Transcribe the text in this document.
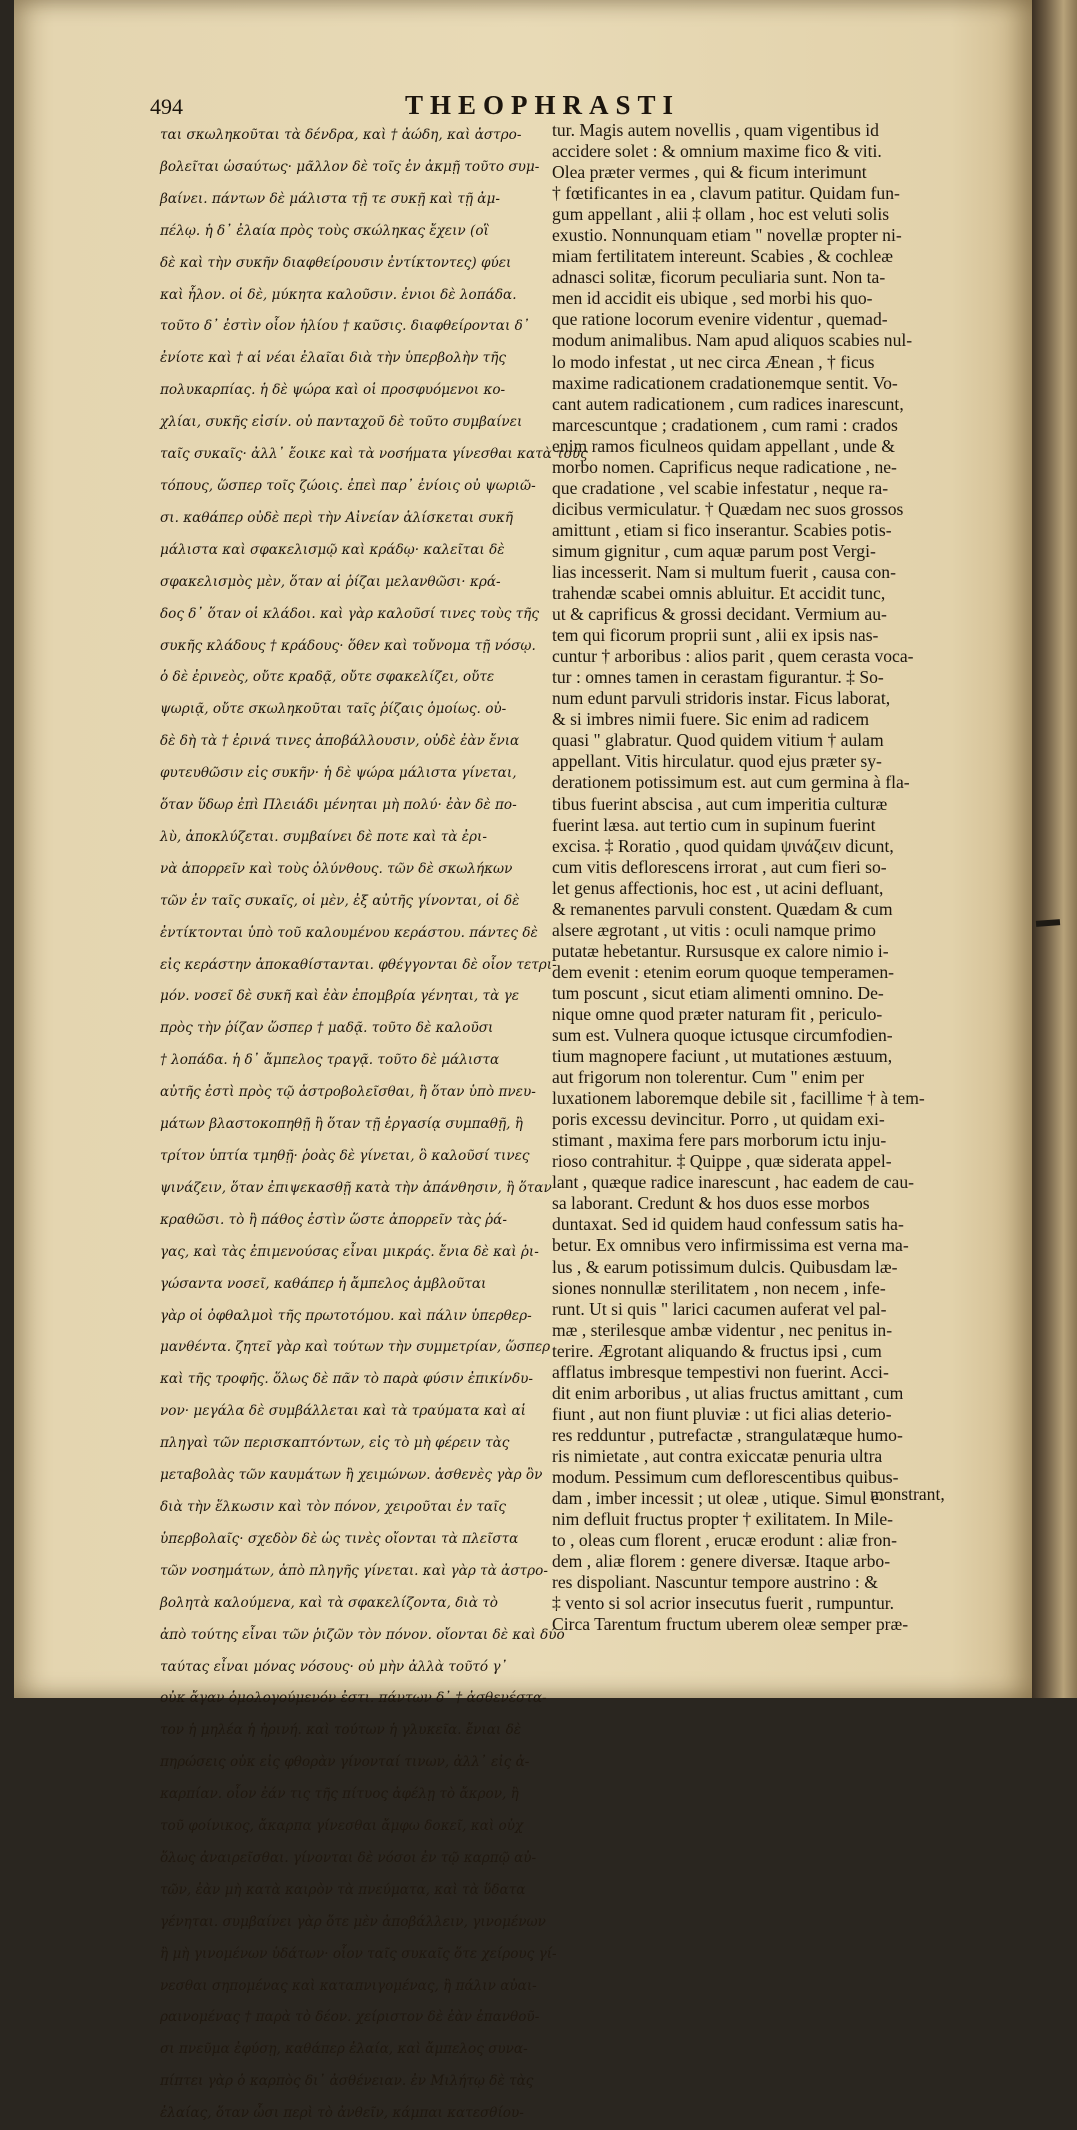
494	THEOPHRASTI
ται σκωληκοῦται τὰ δένδρα, καὶ † ἀώδη, καὶ ἀστρο-
βολεῖται ὡσαύτως· μᾶλλον δὲ τοῖς ἐν ἀκμῇ τοῦτο συμ-
βαίνει. πάντων δὲ μάλιστα τῇ τε συκῇ καὶ τῇ ἀμ-
πέλῳ. ἡ δ᾽ ἐλαία πρὸς τοὺς σκώληκας ἔχειν (οἳ
δὲ καὶ τὴν συκῆν διαφθείρουσιν ἐντίκτοντες) φύει
καὶ ἧλον. οἱ δὲ, μύκητα καλοῦσιν. ἐνιοι δὲ λοπάδα.
τοῦτο δ᾽ ἐστὶν οἷον ἡλίου † καῦσις. διαφθείρονται δ᾽
ἐνίοτε καὶ † αἱ νέαι ἐλαῖαι διὰ τὴν ὑπερβολὴν τῆς
πολυκαρπίας. ἡ δὲ ψώρα καὶ οἱ προσφυόμενοι κο-
χλίαι, συκῆς εἰσίν. οὐ πανταχοῦ δὲ τοῦτο συμβαίνει
ταῖς συκαῖς· ἀλλ᾽ ἔοικε καὶ τὰ νοσήματα γίνεσθαι κατὰ τοὺς
τόπους, ὥσπερ τοῖς ζώοις. ἐπεὶ παρ᾽ ἐνίοις οὐ ψωριῶ-
σι. καθάπερ οὐδὲ περὶ τὴν Αἰνείαν ἁλίσκεται συκῆ
μάλιστα καὶ σφακελισμῷ καὶ κράδῳ· καλεῖται δὲ
σφακελισμὸς μὲν, ὅταν αἱ ῥίζαι μελανθῶσι· κρά-
δος δ᾽ ὅταν οἱ κλάδοι. καὶ γὰρ καλοῦσί τινες τοὺς τῆς
συκῆς κλάδους † κράδους· ὅθεν καὶ τοὔνομα τῇ νόσῳ.
ὁ δὲ ἐρινεὸς, οὔτε κραδᾷ, οὔτε σφακελίζει, οὔτε
ψωριᾷ, οὔτε σκωληκοῦται ταῖς ῥίζαις ὁμοίως. οὐ-
δὲ δὴ τὰ † ἐρινά τινες ἀποβάλλουσιν, οὐδὲ ἐὰν ἔνια
φυτευθῶσιν εἰς συκῆν· ἡ δὲ ψώρα μάλιστα γίνεται,
ὅταν ὕδωρ ἐπὶ Πλειάδι μένηται μὴ πολύ· ἐὰν δὲ πο-
λὺ, ἀποκλύζεται. συμβαίνει δὲ ποτε καὶ τὰ ἐρι-
νὰ ἀπορρεῖν καὶ τοὺς ὀλύνθους. τῶν δὲ σκωλήκων
τῶν ἐν ταῖς συκαῖς, οἱ μὲν, ἐξ αὐτῆς γίνονται, οἱ δὲ
ἐντίκτονται ὑπὸ τοῦ καλουμένου κεράστου. πάντες δὲ
εἰς κεράστην ἀποκαθίστανται. φθέγγονται δὲ οἷον τετρι-
μόν. νοσεῖ δὲ συκῆ καὶ ἐὰν ἐπομβρία γένηται, τὰ γε
πρὸς τὴν ῥίζαν ὥσπερ † μαδᾷ. τοῦτο δὲ καλοῦσι
† λοπάδα. ἡ δ᾽ ἄμπελος τραγᾷ. τοῦτο δὲ μάλιστα
αὐτῆς ἐστὶ πρὸς τῷ ἀστροβολεῖσθαι, ἢ ὅταν ὑπὸ πνευ-
μάτων βλαστοκοπηθῇ ἢ ὅταν τῇ ἐργασίᾳ συμπαθῇ, ἢ
τρίτον ὑπτία τμηθῇ· ῥοὰς δὲ γίνεται, ὃ καλοῦσί τινες
ψινάζειν, ὅταν ἐπιψεκασθῇ κατὰ τὴν ἀπάνθησιν, ἢ ὅταν
κραθῶσι. τὸ ἢ πάθος ἐστὶν ὥστε ἀπορρεῖν τὰς ῥά-
γας, καὶ τὰς ἐπιμενούσας εἶναι μικράς. ἔνια δὲ καὶ ῥι-
γώσαντα νοσεῖ, καθάπερ ἡ ἄμπελος ἀμβλοῦται
γὰρ οἱ ὀφθαλμοὶ τῆς πρωτοτόμου. καὶ πάλιν ὑπερθερ-
μανθέντα. ζητεῖ γὰρ καὶ τούτων τὴν συμμετρίαν, ὥσπερ
καὶ τῆς τροφῆς. ὅλως δὲ πᾶν τὸ παρὰ φύσιν ἐπικίνδυ-
νον· μεγάλα δὲ συμβάλλεται καὶ τὰ τραύματα καὶ αἱ
πληγαὶ τῶν περισκαπτόντων, εἰς τὸ μὴ φέρειν τὰς
μεταβολὰς τῶν καυμάτων ἢ χειμώνων. ἀσθενὲς γὰρ ὂν
διὰ τὴν ἕλκωσιν καὶ τὸν πόνον, χειροῦται ἐν ταῖς
ὑπερβολαῖς· σχεδὸν δὲ ὡς τινὲς οἴονται τὰ πλεῖστα
τῶν νοσημάτων, ἀπὸ πληγῆς γίνεται. καὶ γὰρ τὰ ἀστρο-
βολητὰ καλούμενα, καὶ τὰ σφακελίζοντα, διὰ τὸ
ἀπὸ τούτης εἶναι τῶν ῥιζῶν τὸν πόνον. οἴονται δὲ καὶ δύο
ταύτας εἶναι μόνας νόσους· οὐ μὴν ἀλλὰ τοῦτό γ᾽
οὐκ ἄγαν ὁμολογούμενόν ἐστι. πάντων δ᾽ † ἀσθενέστα-
τον ἡ μηλέα ἡ ἠρινή. καὶ τούτων ἡ γλυκεῖα. ἔνιαι δὲ
πηρώσεις οὐκ εἰς φθορὰν γίνονταί τινων, ἀλλ᾽ εἰς ἀ-
καρπίαν. οἷον ἐάν τις τῆς πίτυος ἀφέλῃ τὸ ἄκρον, ἢ
τοῦ φοίνικος, ἄκαρπα γίνεσθαι ἄμφω δοκεῖ, καὶ οὐχ
ὅλως ἀναιρεῖσθαι. γίνονται δὲ νόσοι ἐν τῷ καρπῷ αὐ-
τῶν, ἐὰν μὴ κατὰ καιρὸν τὰ πνεύματα, καὶ τὰ ὕδατα
γένηται. συμβαίνει γὰρ ὅτε μὲν ἀποβάλλειν, γινομένων
ἢ μὴ γινομένων ὑδάτων· οἷον ταῖς συκαῖς ὅτε χείρους γί-
νεσθαι σηπομένας καὶ καταπνιγομένας, ἢ πάλιν αὐαι-
ραινομένας † παρὰ τὸ δέον. χείριστον δὲ ἐὰν ἐπανθοῦ-
σι πνεῦμα ἐφύσῃ, καθάπερ ἐλαία, καὶ ἄμπελος συνα-
πίπτει γὰρ ὁ καρπὸς δι᾽ ἀσθένειαν. ἐν Μιλήτῳ δὲ τὰς
ἐλαίας, ὅταν ὦσι περὶ τὸ ἀνθεῖν, κάμπαι κατεσθίου-
tur. Magis autem novellis , quam vigentibus id
accidere solet : & omnium maxime fico & viti.
Olea præter vermes , qui & ficum interimunt
† fœtificantes in ea , clavum patitur. Quidam fun-
gum appellant , alii ‡ ollam , hoc est veluti solis
exustio. Nonnunquam etiam " novellæ propter ni-
miam fertilitatem intereunt. Scabies , & cochleæ
adnasci solitæ, ficorum peculiaria sunt. Non ta-
men id accidit eis ubique , sed morbi his quo-
que ratione locorum evenire videntur , quemad-
modum animalibus. Nam apud aliquos scabies nul-
lo modo infestat , ut nec circa Ænean , † ficus
maxime radicationem cradationemque sentit. Vo-
cant autem radicationem , cum radices inarescunt,
marcescuntque ; cradationem , cum rami : crados
enim ramos ficulneos quidam appellant , unde &
morbo nomen. Caprificus neque radicatione , ne-
que cradatione , vel scabie infestatur , neque ra-
dicibus vermiculatur. † Quædam nec suos grossos
amittunt , etiam si fico inserantur. Scabies potis-
simum gignitur , cum aquæ parum post Vergi-
lias incesserit. Nam si multum fuerit , causa con-
trahendæ scabei omnis abluitur. Et accidit tunc,
ut & caprificus & grossi decidant. Vermium au-
tem qui ficorum proprii sunt , alii ex ipsis nas-
cuntur † arboribus : alios parit , quem cerasta voca-
tur : omnes tamen in cerastam figurantur. ‡ So-
num edunt parvuli stridoris instar. Ficus laborat,
& si imbres nimii fuere. Sic enim ad radicem
quasi " glabratur. Quod quidem vitium † aulam
appellant. Vitis hirculatur. quod ejus præter sy-
derationem potissimum est. aut cum germina à fla-
tibus fuerint abscisa , aut cum imperitia culturæ
fuerint læsa. aut tertio cum in supinum fuerint
excisa. ‡ Roratio , quod quidam ψινάζειν dicunt,
cum vitis deflorescens irrorat , aut cum fieri so-
let genus affectionis, hoc est , ut acini defluant,
& remanentes parvuli constent. Quædam & cum
alsere ægrotant , ut vitis : oculi namque primo
putatæ hebetantur. Rursusque ex calore nimio i-
dem evenit : etenim eorum quoque temperamen-
tum poscunt , sicut etiam alimenti omnino. De-
nique omne quod præter naturam fit , periculo-
sum est. Vulnera quoque ictusque circumfodien-
tium magnopere faciunt , ut mutationes æstuum,
aut frigorum non tolerentur. Cum " enim per
luxationem laboremque debile sit , facillime † à tem-
poris excessu devincitur. Porro , ut quidam exi-
stimant , maxima fere pars morborum ictu inju-
rioso contrahitur. ‡ Quippe , quæ siderata appel-
lant , quæque radice inarescunt , hac eadem de cau-
sa laborant. Credunt & hos duos esse morbos
duntaxat. Sed id quidem haud confessum satis ha-
betur. Ex omnibus vero infirmissima est verna ma-
lus , & earum potissimum dulcis. Quibusdam læ-
siones nonnullæ sterilitatem , non necem , infe-
runt. Ut si quis " larici cacumen auferat vel pal-
mæ , sterilesque ambæ videntur , nec penitus in-
terire. Ægrotant aliquando & fructus ipsi , cum
afflatus imbresque tempestivi non fuerint. Acci-
dit enim arboribus , ut alias fructus amittant , cum
fiunt , aut non fiunt pluviæ : ut fici alias deterio-
res redduntur , putrefactæ , strangulatæque humo-
ris nimietate , aut contra exiccatæ penuria ultra
modum. Pessimum cum deflorescentibus quibus-
dam , imber incessit ; ut oleæ , utique. Simul e-
nim defluit fructus propter † exilitatem. In Mile-
to , oleas cum florent , erucæ erodunt : aliæ fron-
dem , aliæ florem : genere diversæ. Itaque arbo-
res dispoliant. Nascuntur tempore austrino : &
‡ vento si sol acrior insecutus fuerit , rumpuntur.
Circa Tarentum fructum uberem oleæ semper præ-
monstrant,
